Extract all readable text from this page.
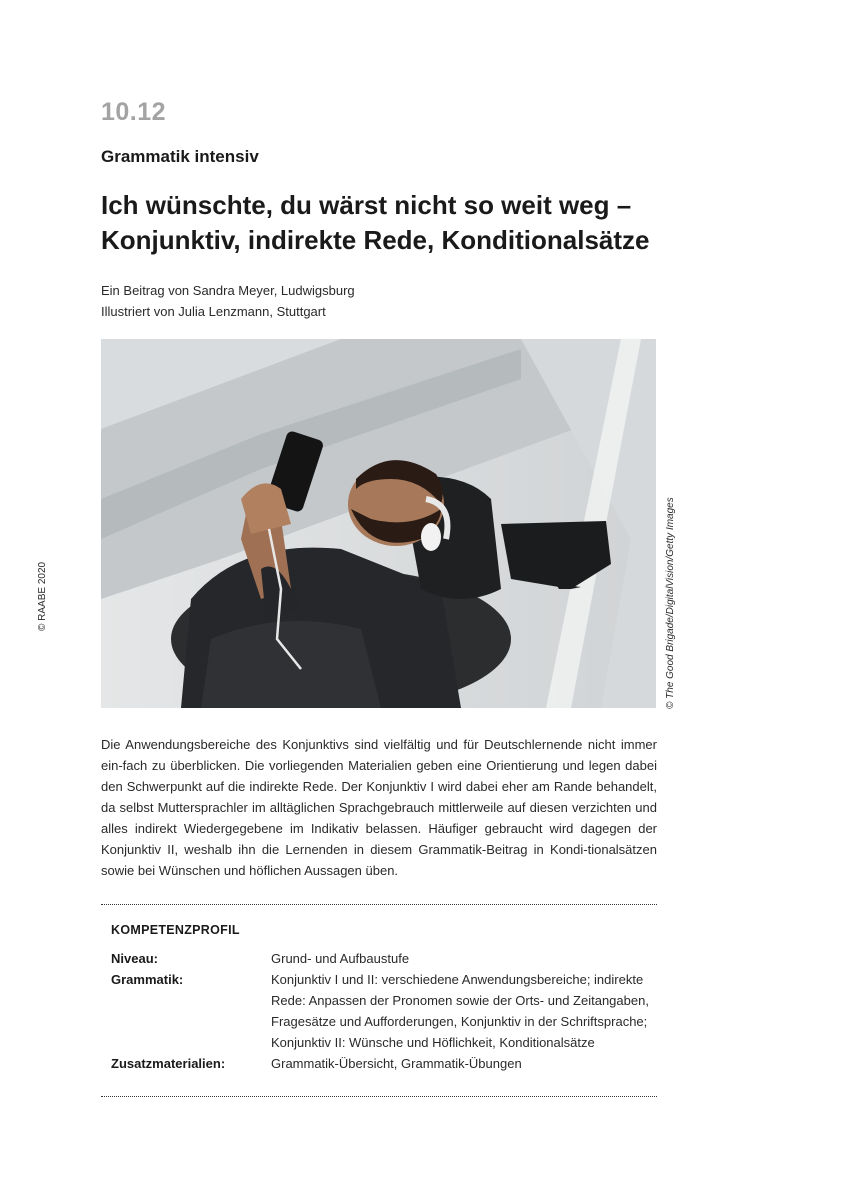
10.12
Grammatik intensiv
Ich wünschte, du wärst nicht so weit weg –
Konjunktiv, indirekte Rede, Konditionalsätze
Ein Beitrag von Sandra Meyer, Ludwigsburg
Illustriert von Julia Lenzmann, Stuttgart
© RAABE 2020	© The Good Brigade/DigitalVision/Getty Images
Die Anwendungsbereiche des Konjunktivs sind vielfältig und für Deutschlernende nicht immer ein-fach zu überblicken. Die vorliegenden Materialien geben eine Orientierung und legen dabei den Schwerpunkt auf die indirekte Rede. Der Konjunktiv I wird dabei eher am Rande behandelt, da selbst Muttersprachler im alltäglichen Sprachgebrauch mittlerweile auf diesen verzichten und alles indirekt Wiedergegebene im Indikativ belassen. Häufiger gebraucht wird dagegen der Konjunktiv II, weshalb ihn die Lernenden in diesem Grammatik-Beitrag in Kondi-tionalsätzen sowie bei Wünschen und höflichen Aussagen üben.
KOMPETENZPROFIL
Niveau:	Grund- und Aufbaustufe
Grammatik:	Konjunktiv I und II: verschiedene Anwendungsbereiche; indirekte
Rede: Anpassen der Pronomen sowie der Orts- und Zeitangaben,
Fragesätze und Aufforderungen, Konjunktiv in der Schriftsprache;
Konjunktiv II: Wünsche und Höflichkeit, Konditionalsätze
Zusatzmaterialien:	Grammatik-Übersicht, Grammatik-Übungen
